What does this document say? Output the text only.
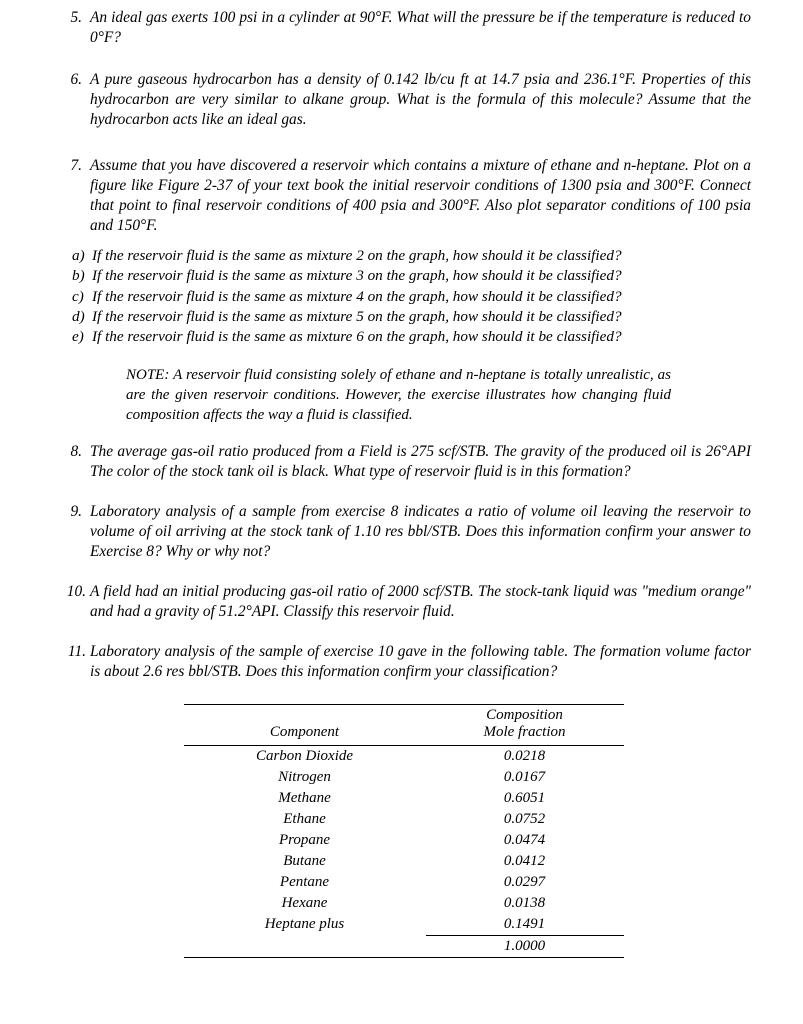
5. An ideal gas exerts 100 psi in a cylinder at 90°F. What will the pressure be if the temperature is reduced to 0°F?
6. A pure gaseous hydrocarbon has a density of 0.142 lb/cu ft at 14.7 psia and 236.1°F. Properties of this hydrocarbon are very similar to alkane group. What is the formula of this molecule? Assume that the hydrocarbon acts like an ideal gas.
7. Assume that you have discovered a reservoir which contains a mixture of ethane and n-heptane. Plot on a figure like Figure 2-37 of your text book the initial reservoir conditions of 1300 psia and 300°F. Connect that point to final reservoir conditions of 400 psia and 300°F. Also plot separator conditions of 100 psia and 150°F.
a) If the reservoir fluid is the same as mixture 2 on the graph, how should it be classified?
b) If the reservoir fluid is the same as mixture 3 on the graph, how should it be classified?
c) If the reservoir fluid is the same as mixture 4 on the graph, how should it be classified?
d) If the reservoir fluid is the same as mixture 5 on the graph, how should it be classified?
e) If the reservoir fluid is the same as mixture 6 on the graph, how should it be classified?
NOTE: A reservoir fluid consisting solely of ethane and n-heptane is totally unrealistic, as are the given reservoir conditions. However, the exercise illustrates how changing fluid composition affects the way a fluid is classified.
8. The average gas-oil ratio produced from a Field is 275 scf/STB. The gravity of the produced oil is 26°API The color of the stock tank oil is black. What type of reservoir fluid is in this formation?
9. Laboratory analysis of a sample from exercise 8 indicates a ratio of volume oil leaving the reservoir to volume of oil arriving at the stock tank of 1.10 res bbl/STB. Does this information confirm your answer to Exercise 8? Why or why not?
10. A field had an initial producing gas-oil ratio of 2000 scf/STB. The stock-tank liquid was "medium orange" and had a gravity of 51.2°API. Classify this reservoir fluid.
11. Laboratory analysis of the sample of exercise 10 gave in the following table. The formation volume factor is about 2.6 res bbl/STB. Does this information confirm your classification?
Component	Composition
Mole fraction

Carbon Dioxide	0.0218
Nitrogen	0.0167
Methane	0.6051
Ethane	0.0752
Propane	0.0474
Butane	0.0412
Pentane	0.0297
Hexane	0.0138
Heptane plus	0.1491
	1.0000
